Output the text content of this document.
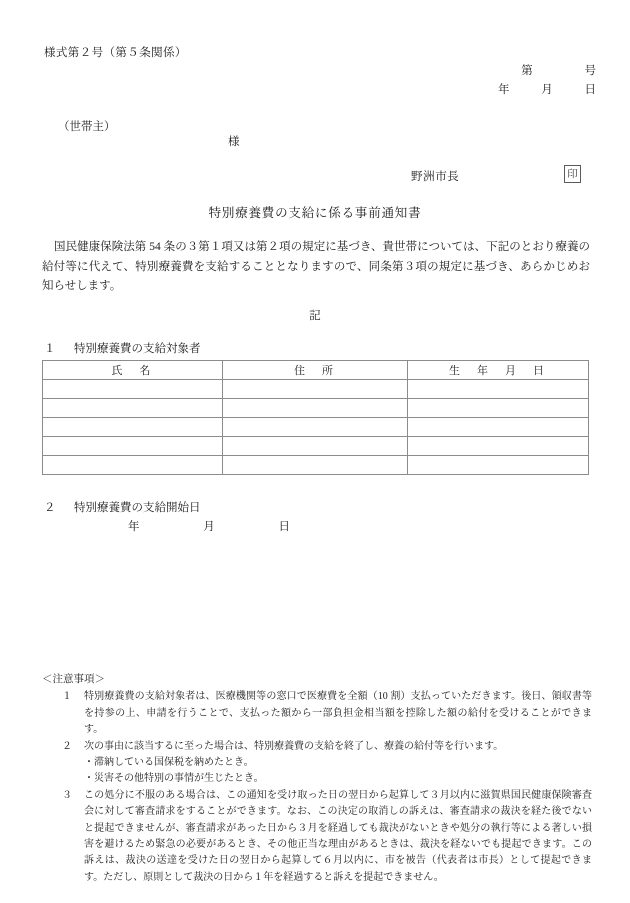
様式第２号（第５条関係）
第	号
年	月	日
（世帯主）
様
野洲市長	印
特別療養費の支給に係る事前通知書
国民健康保険法第 54 条の３第１項又は第２項の規定に基づき、貴世帯については、下記のとおり療養の給付等に代えて、特別療養費を支給することとなりますので、同条第３項の規定に基づき、あらかじめお知らせします。
記
１ 特別療養費の支給対象者
氏　名	住　所	生　年　月　日

２ 特別療養費の支給開始日
年	月	日
＜注意事項＞
１	特別療養費の支給対象者は、医療機関等の窓口で医療費を全額（10 割）支払っていただきます。後日、領収書等を持参の上、申請を行うことで、支払った額から一部負担金相当額を控除した額の給付を受けることができます。
２	次の事由に該当するに至った場合は、特別療養費の支給を終了し、療養の給付等を行います。
・滞納している国保税を納めたとき。
・災害その他特別の事情が生じたとき。
３	この処分に不服のある場合は、この通知を受け取った日の翌日から起算して３月以内に滋賀県国民健康保険審査会に対して審査請求をすることができます。なお、この決定の取消しの訴えは、審査請求の裁決を経た後でないと提起できませんが、審査請求があった日から３月を経過しても裁決がないときや処分の執行等による著しい損害を避けるため緊急の必要があるとき、その他正当な理由があるときは、裁決を経ないでも提起できます。この訴えは、裁決の送達を受けた日の翌日から起算して６月以内に、市を被告（代表者は市長）として提起できます。ただし、原則として裁決の日から１年を経過すると訴えを提起できません。
